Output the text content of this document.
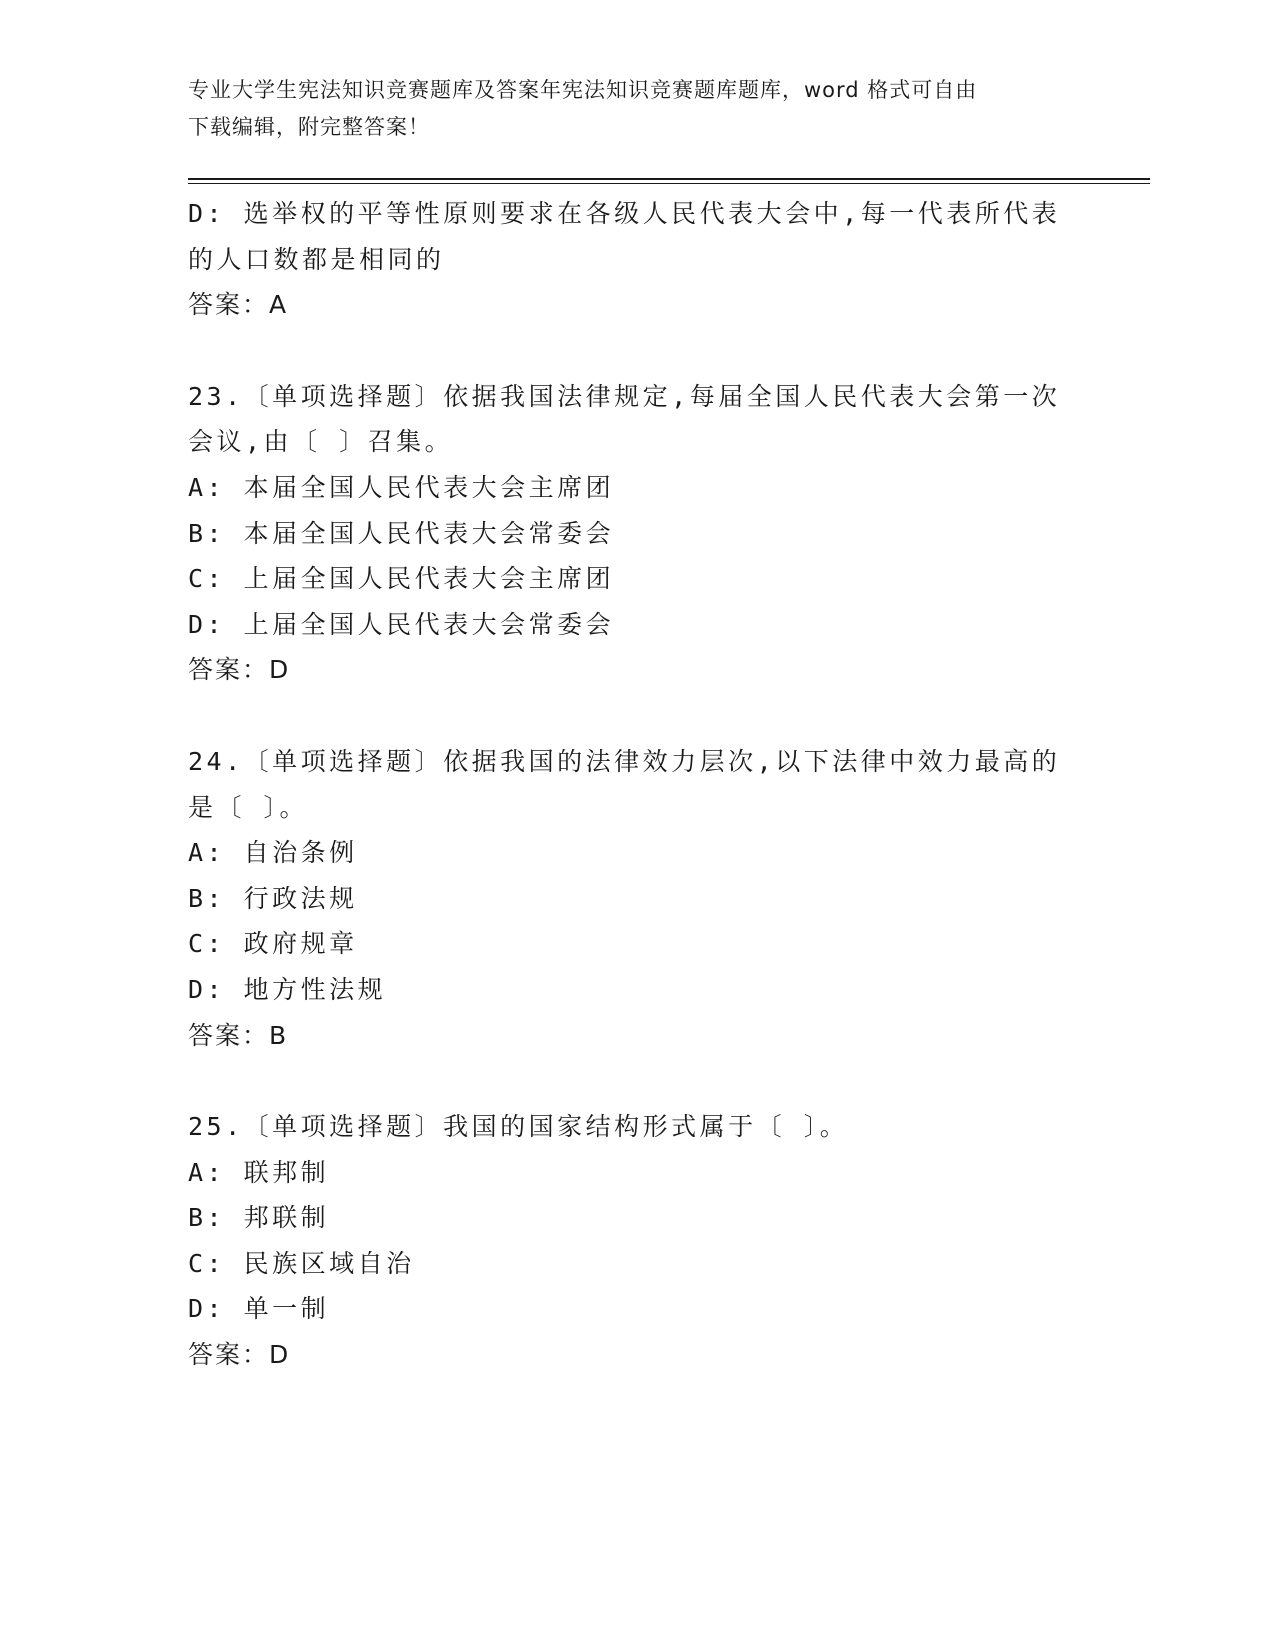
专业大学生宪法知识竞赛题库及答案年宪法知识竞赛题库题库，word 格式可自由
下载编辑，附完整答案！
D: 选举权的平等性原则要求在各级人民代表大会中,每一代表所代表
的人口数都是相同的
答案：A
23.〔单项选择题〕依据我国法律规定,每届全国人民代表大会第一次
会议,由〔 〕召集。
A: 本届全国人民代表大会主席团
B: 本届全国人民代表大会常委会
C: 上届全国人民代表大会主席团
D: 上届全国人民代表大会常委会
答案：D
24.〔单项选择题〕依据我国的法律效力层次,以下法律中效力最高的
是〔 〕。
A: 自治条例
B: 行政法规
C: 政府规章
D: 地方性法规
答案：B
25.〔单项选择题〕我国的国家结构形式属于〔 〕。
A: 联邦制
B: 邦联制
C: 民族区域自治
D: 单一制
答案：D
